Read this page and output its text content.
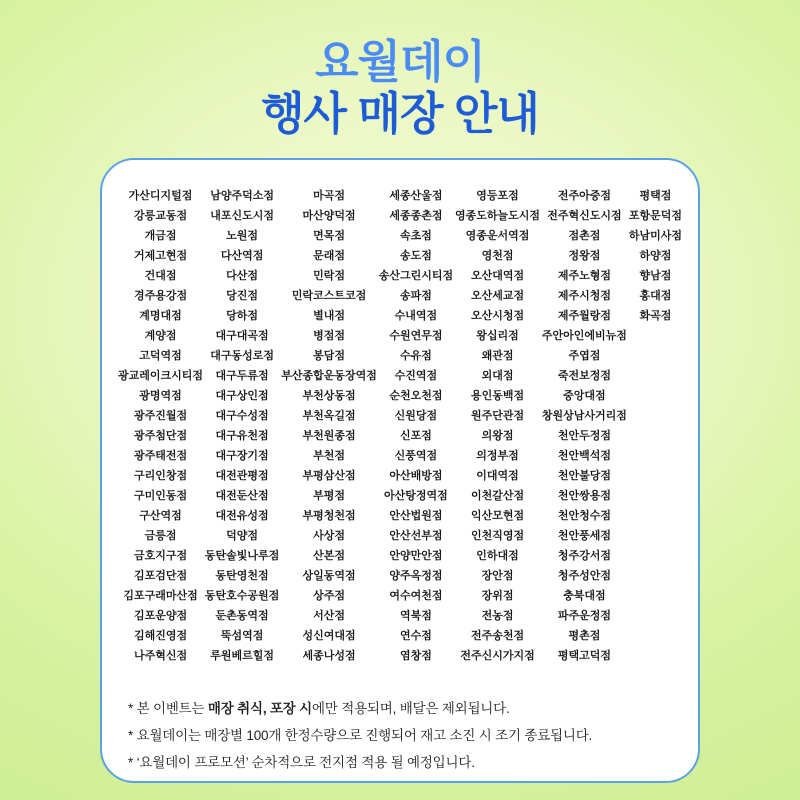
요월데이
행사 매장 안내
가산디지털점
강릉교동점
개금점
거제고현점
건대점
경주용강점
계명대점
계양점
고덕역점
광교레이크시티점
광명역점
광주진월점
광주첨단점
광주태전점
구리인창점
구미인동점
구산역점
금릉점
금호지구점
김포검단점
김포구래마산점
김포운양점
김해진영점
나주혁신점
남양주덕소점
내포신도시점
노원점
다산역점
다산점
당진점
당하점
대구대곡점
대구동성로점
대구두류점
대구상인점
대구수성점
대구유천점
대구장기점
대전관평점
대전둔산점
대전유성점
덕양점
동탄솔빛나루점
동탄영천점
동탄호수공원점
둔촌동역점
뚝섬역점
루원베르힐점
마곡점
마산양덕점
면목점
문래점
민락점
민락코스트코점
별내점
병점점
봉담점
부산종합운동장역점
부천상동점
부천옥길점
부천원종점
부천점
부평삼산점
부평점
부평청천점
사상점
산본점
상일동역점
상주점
서산점
성신여대점
세종나성점
세종산울점
세종종촌점
속초점
송도점
송산그린시티점
송파점
수내역점
수원연무점
수유점
수진역점
순천오천점
신원당점
신포점
신풍역점
아산배방점
아산탕정역점
안산법원점
안산선부점
안양만안점
양주옥정점
여수여천점
역북점
연수점
염창점
영등포점
영종도하늘도시점
영종운서역점
영천점
오산대역점
오산세교점
오산시청점
왕십리점
왜관점
외대점
용인동백점
원주단관점
의왕점
의정부점
이대역점
이천갈산점
익산모현점
인천직영점
인하대점
장안점
장위점
전농점
전주송천점
전주신시가지점
전주아중점
전주혁신도시점
점촌점
정왕점
제주노형점
제주시청점
제주월랑점
주안아인에비뉴점
주엽점
죽전보정점
중앙대점
창원상남사거리점
천안두정점
천안백석점
천안불당점
천안쌍용점
천안청수점
천안풍세점
청주강서점
청주성안점
충북대점
파주운정점
평촌점
평택고덕점
평택점
포항문덕점
하남미사점
하양점
향남점
홍대점
화곡점
* 본 이벤트는 매장 취식, 포장 시에만 적용되며, 배달은 제외됩니다.
* 요월데이는 매장별 100개 한정수량으로 진행되어 재고 소진 시 조기 종료됩니다.
* ‘요월데이 프로모션’ 순차적으로 전지점 적용 될 예정입니다.
